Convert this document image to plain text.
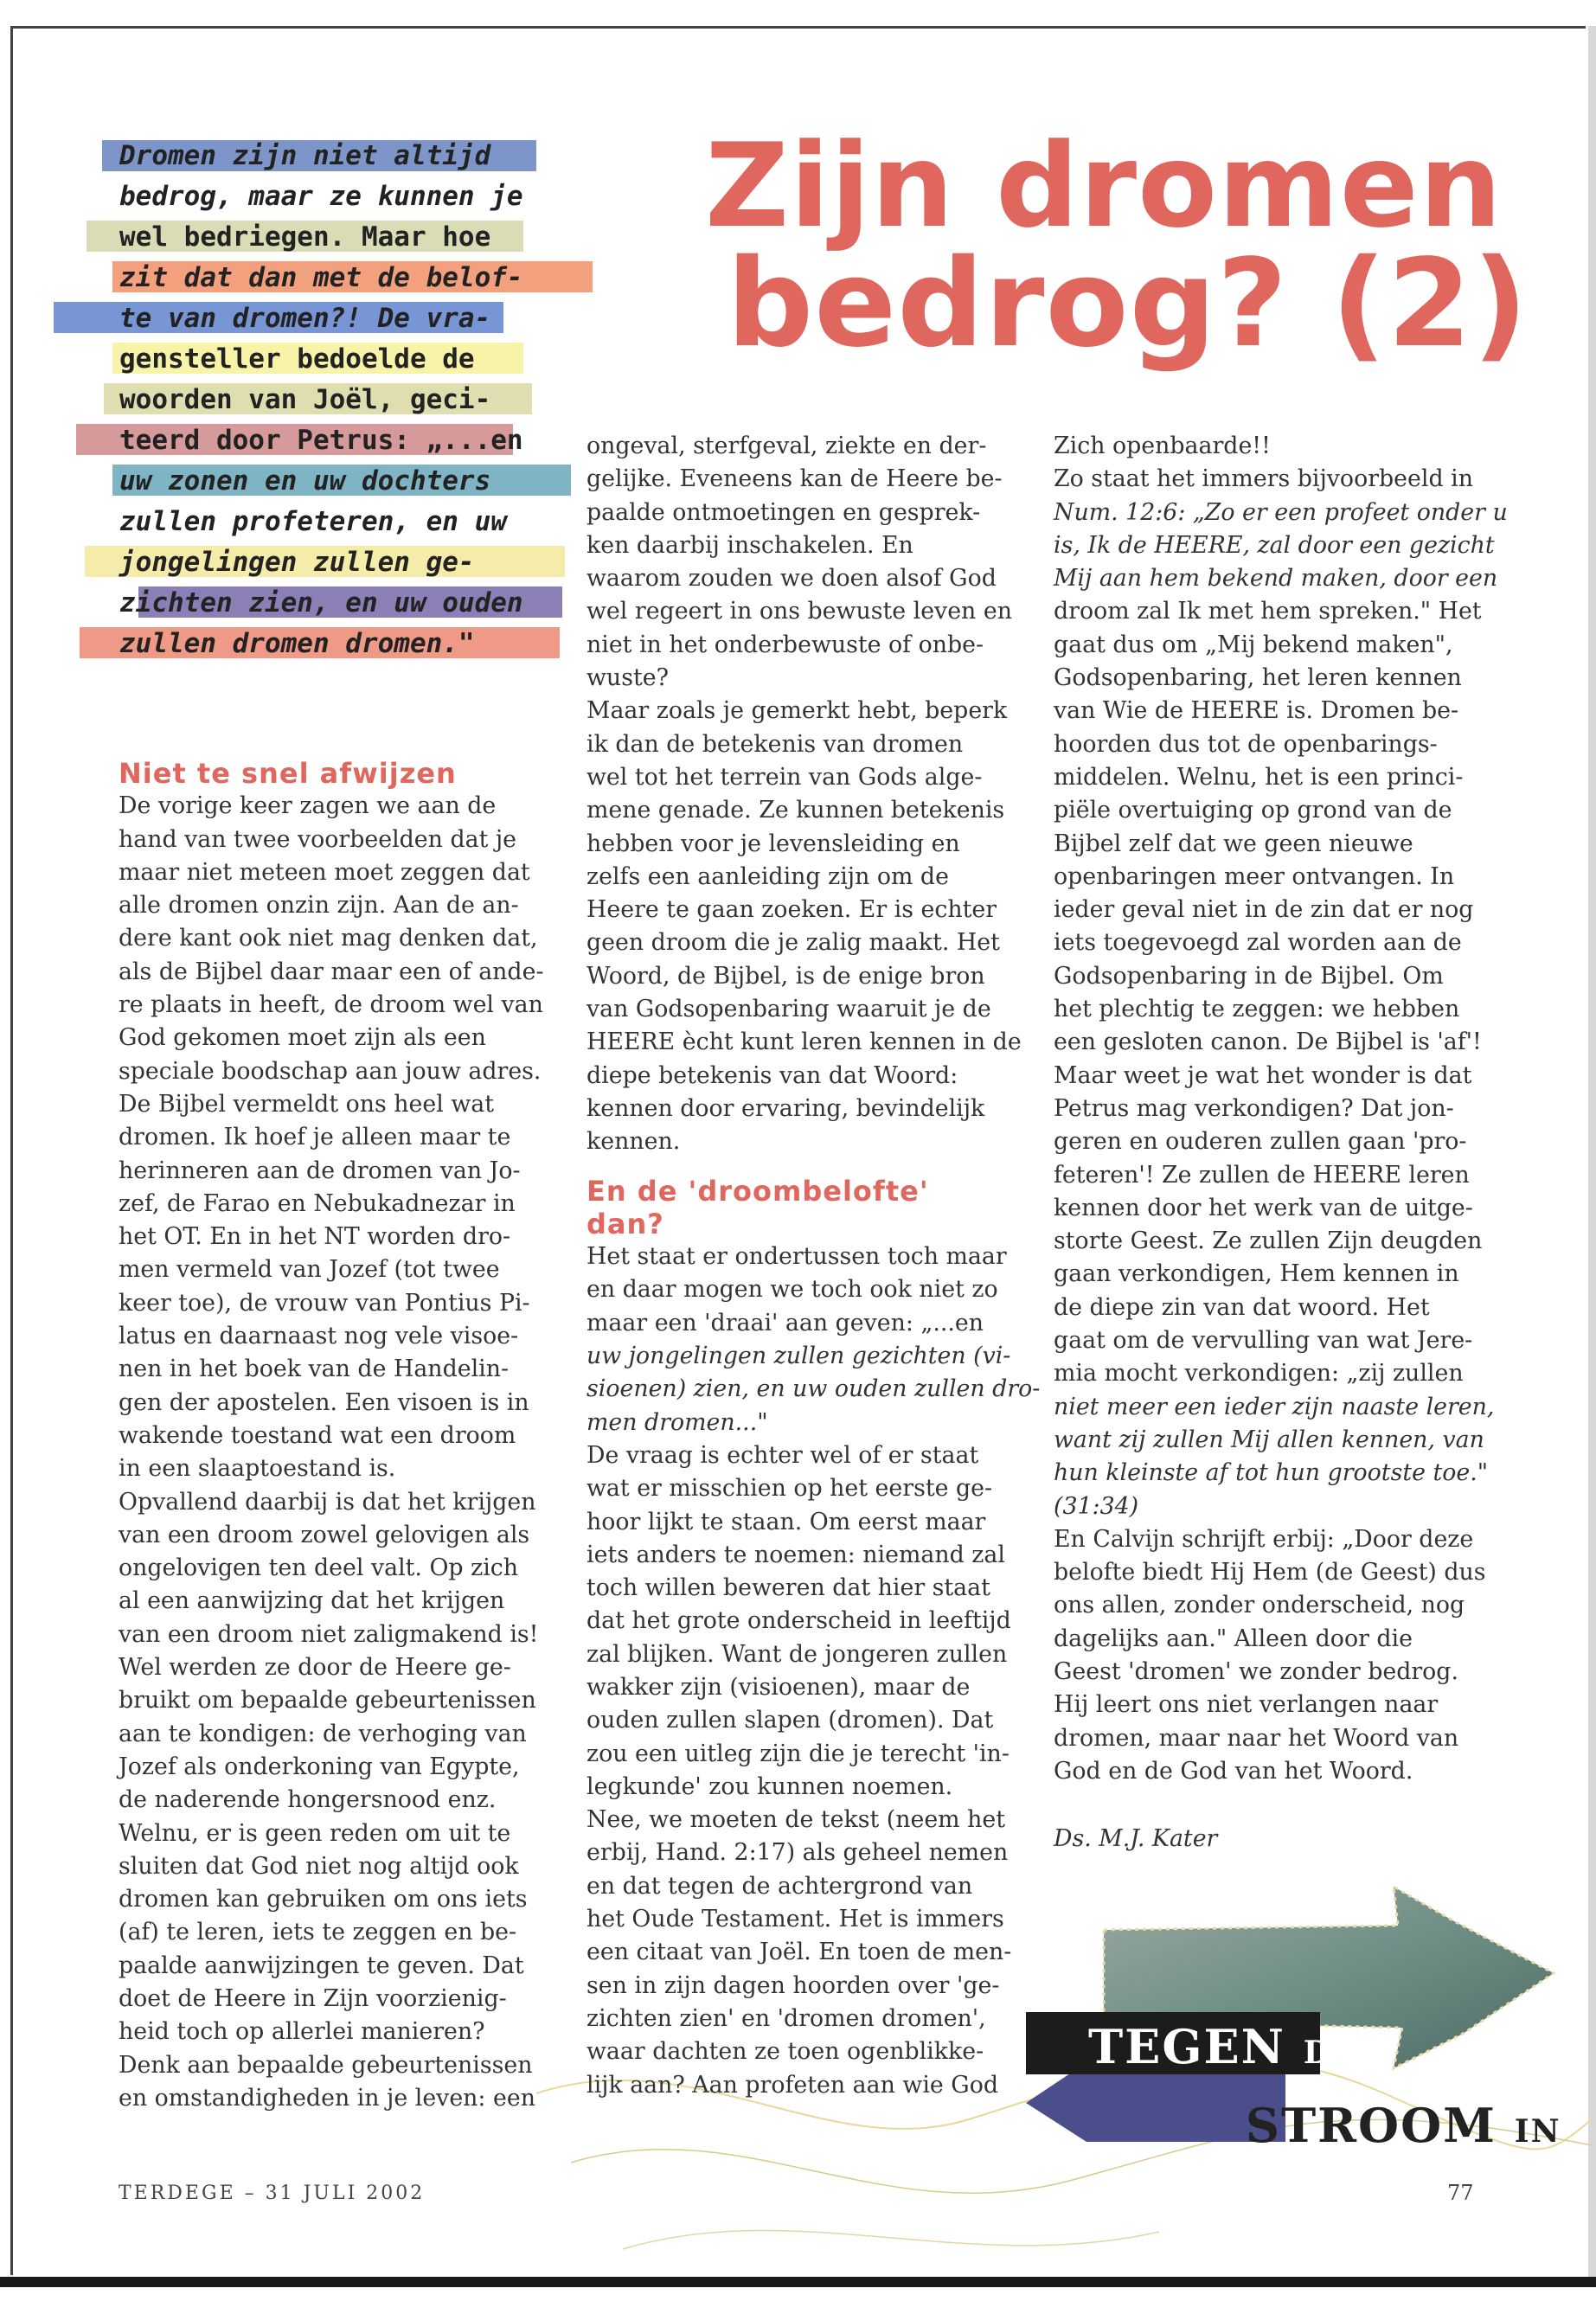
Zijn dromen
bedrog? (2)

Dromen zijn niet altijd

bedrog, maar ze kunnen je

wel bedriegen. Maar hoe

zit dat dan met de belof-

te van dromen?! De vra-

gensteller bedoelde de

woorden van Joël, geci-

teerd door Petrus: „...en

uw zonen en uw dochters

zullen profeteren, en uw

jongelingen zullen ge-

zichten zien, en uw ouden

zullen dromen dromen."

Niet te snel afwijzen

De vorige keer zagen we aan de

hand van twee voorbeelden dat je

maar niet meteen moet zeggen dat

alle dromen onzin zijn. Aan de an-

dere kant ook niet mag denken dat,

als de Bijbel daar maar een of ande-

re plaats in heeft, de droom wel van

God gekomen moet zijn als een

speciale boodschap aan jouw adres.

De Bijbel vermeldt ons heel wat

dromen. Ik hoef je alleen maar te

herinneren aan de dromen van Jo-

zef, de Farao en Nebukadnezar in

het OT. En in het NT worden dro-

men vermeld van Jozef (tot twee

keer toe), de vrouw van Pontius Pi-

latus en daarnaast nog vele visoe-

nen in het boek van de Handelin-

gen der apostelen. Een visoen is in

wakende toestand wat een droom

in een slaaptoestand is.

Opvallend daarbij is dat het krijgen

van een droom zowel gelovigen als

ongelovigen ten deel valt. Op zich

al een aanwijzing dat het krijgen

van een droom niet zaligmakend is!

Wel werden ze door de Heere ge-

bruikt om bepaalde gebeurtenissen

aan te kondigen: de verhoging van

Jozef als onderkoning van Egypte,

de naderende hongersnood enz.

Welnu, er is geen reden om uit te

sluiten dat God niet nog altijd ook

dromen kan gebruiken om ons iets

(af) te leren, iets te zeggen en be-

paalde aanwijzingen te geven. Dat

doet de Heere in Zijn voorzienig-

heid toch op allerlei manieren?

Denk aan bepaalde gebeurtenissen

en omstandigheden in je leven: een

ongeval, sterfgeval, ziekte en der-

gelijke. Eveneens kan de Heere be-

paalde ontmoetingen en gesprek-

ken daarbij inschakelen. En

waarom zouden we doen alsof God

wel regeert in ons bewuste leven en

niet in het onderbewuste of onbe-

wuste?

Maar zoals je gemerkt hebt, beperk

ik dan de betekenis van dromen

wel tot het terrein van Gods alge-

mene genade. Ze kunnen betekenis

hebben voor je levensleiding en

zelfs een aanleiding zijn om de

Heere te gaan zoeken. Er is echter

geen droom die je zalig maakt. Het

Woord, de Bijbel, is de enige bron

van Godsopenbaring waaruit je de

HEERE ècht kunt leren kennen in de

diepe betekenis van dat Woord:

kennen door ervaring, bevindelijk

kennen.

En de 'droombelofte'
dan?

Het staat er ondertussen toch maar

en daar mogen we toch ook niet zo

maar een 'draai' aan geven: „...en

uw jongelingen zullen gezichten (vi-

sioenen) zien, en uw ouden zullen dro-

men dromen..."

De vraag is echter wel of er staat

wat er misschien op het eerste ge-

hoor lijkt te staan. Om eerst maar

iets anders te noemen: niemand zal

toch willen beweren dat hier staat

dat het grote onderscheid in leeftijd

zal blijken. Want de jongeren zullen

wakker zijn (visioenen), maar de

ouden zullen slapen (dromen). Dat

zou een uitleg zijn die je terecht 'in-

legkunde' zou kunnen noemen.

Nee, we moeten de tekst (neem het

erbij, Hand. 2:17) als geheel nemen

en dat tegen de achtergrond van

het Oude Testament. Het is immers

een citaat van Joël. En toen de men-

sen in zijn dagen hoorden over 'ge-

zichten zien' en 'dromen dromen',

waar dachten ze toen ogenblikke-

lijk aan? Aan profeten aan wie God

Zich openbaarde!!

Zo staat het immers bijvoorbeeld in

Num. 12:6: „Zo er een profeet onder u

is, Ik de HEERE, zal door een gezicht

Mij aan hem bekend maken, door een

droom zal Ik met hem spreken." Het

gaat dus om „Mij bekend maken",

Godsopenbaring, het leren kennen

van Wie de HEERE is. Dromen be-

hoorden dus tot de openbarings-

middelen. Welnu, het is een princi-

piële overtuiging op grond van de

Bijbel zelf dat we geen nieuwe

openbaringen meer ontvangen. In

ieder geval niet in de zin dat er nog

iets toegevoegd zal worden aan de

Godsopenbaring in de Bijbel. Om

het plechtig te zeggen: we hebben

een gesloten canon. De Bijbel is 'af'!

Maar weet je wat het wonder is dat

Petrus mag verkondigen? Dat jon-

geren en ouderen zullen gaan 'pro-

feteren'! Ze zullen de HEERE leren

kennen door het werk van de uitge-

storte Geest. Ze zullen Zijn deugden

gaan verkondigen, Hem kennen in

de diepe zin van dat woord. Het

gaat om de vervulling van wat Jere-

mia mocht verkondigen: „zij zullen

niet meer een ieder zijn naaste leren,

want zij zullen Mij allen kennen, van

hun kleinste af tot hun grootste toe."

(31:34)

En Calvijn schrijft erbij: „Door deze

belofte biedt Hij Hem (de Geest) dus

ons allen, zonder onderscheid, nog

dagelijks aan." Alleen door die

Geest 'dromen' we zonder bedrog.

Hij leert ons niet verlangen naar

dromen, maar naar het Woord van

God en de God van het Woord.

Ds. M.J. Kater

TEGEN DE

STROOM IN

TERDEGE – 31 JULI 2002	77
